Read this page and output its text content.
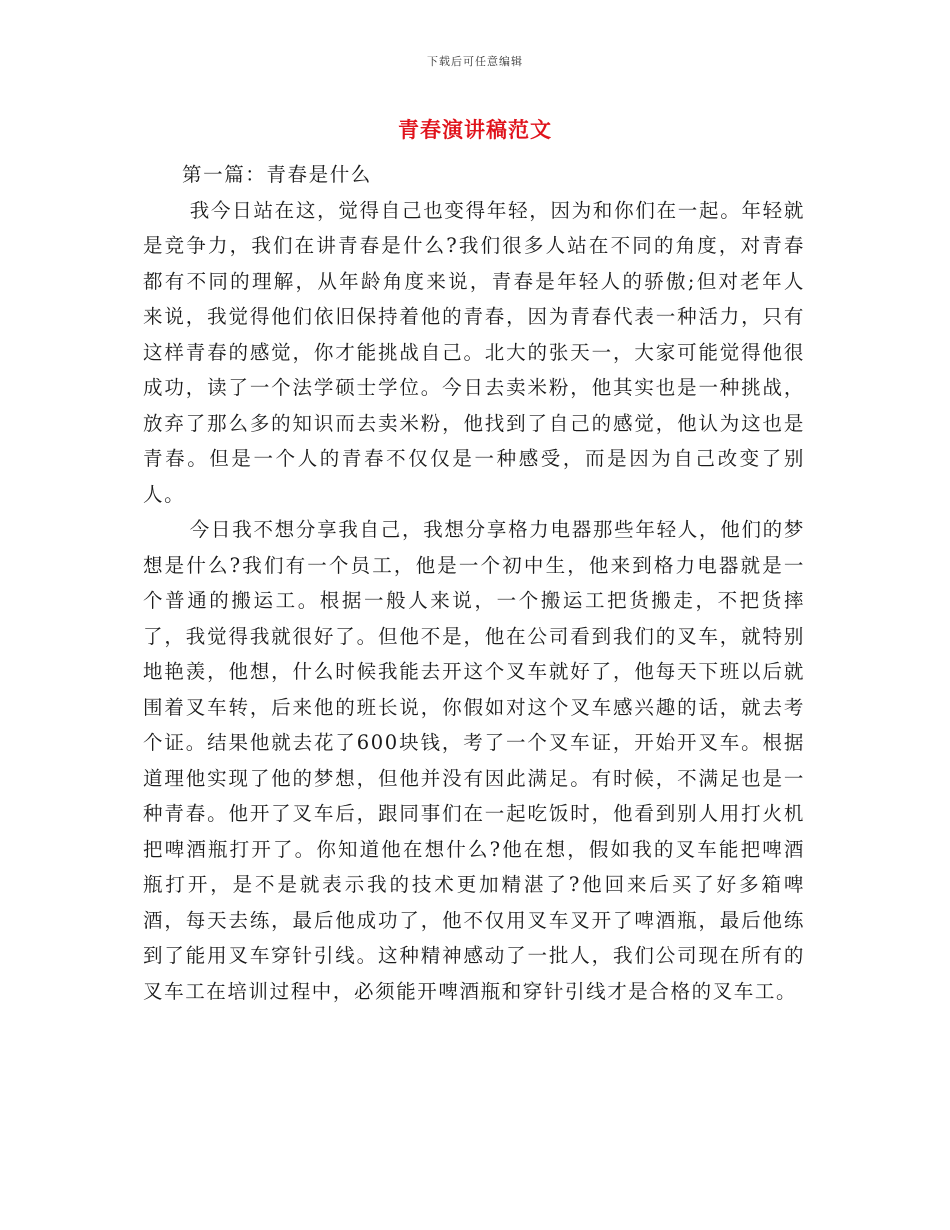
下载后可任意编辑
青春演讲稿范文

第一篇：青春是什么

我今日站在这，觉得自己也变得年轻，因为和你们在一起。年轻就是竞争力，我们在讲青春是什么?我们很多人站在不同的角度，对青春都有不同的理解，从年龄角度来说，青春是年轻人的骄傲;但对老年人来说，我觉得他们依旧保持着他的青春，因为青春代表一种活力，只有这样青春的感觉，你才能挑战自己。北大的张天一，大家可能觉得他很成功，读了一个法学硕士学位。今日去卖米粉，他其实也是一种挑战，放弃了那么多的知识而去卖米粉，他找到了自己的感觉，他认为这也是青春。但是一个人的青春不仅仅是一种感受，而是因为自己改变了别人。

今日我不想分享我自己，我想分享格力电器那些年轻人，他们的梦想是什么?我们有一个员工，他是一个初中生，他来到格力电器就是一个普通的搬运工。根据一般人来说，一个搬运工把货搬走，不把货摔了，我觉得我就很好了。但他不是，他在公司看到我们的叉车，就特别地艳羡，他想，什么时候我能去开这个叉车就好了，他每天下班以后就围着叉车转，后来他的班长说，你假如对这个叉车感兴趣的话，就去考个证。结果他就去花了600块钱，考了一个叉车证，开始开叉车。根据道理他实现了他的梦想，但他并没有因此满足。有时候，不满足也是一种青春。他开了叉车后，跟同事们在一起吃饭时，他看到别人用打火机把啤酒瓶打开了。你知道他在想什么?他在想，假如我的叉车能把啤酒瓶打开，是不是就表示我的技术更加精湛了?他回来后买了好多箱啤酒，每天去练，最后他成功了，他不仅用叉车叉开了啤酒瓶，最后他练到了能用叉车穿针引线。这种精神感动了一批人，我们公司现在所有的叉车工在培训过程中，必须能开啤酒瓶和穿针引线才是合格的叉车工。
